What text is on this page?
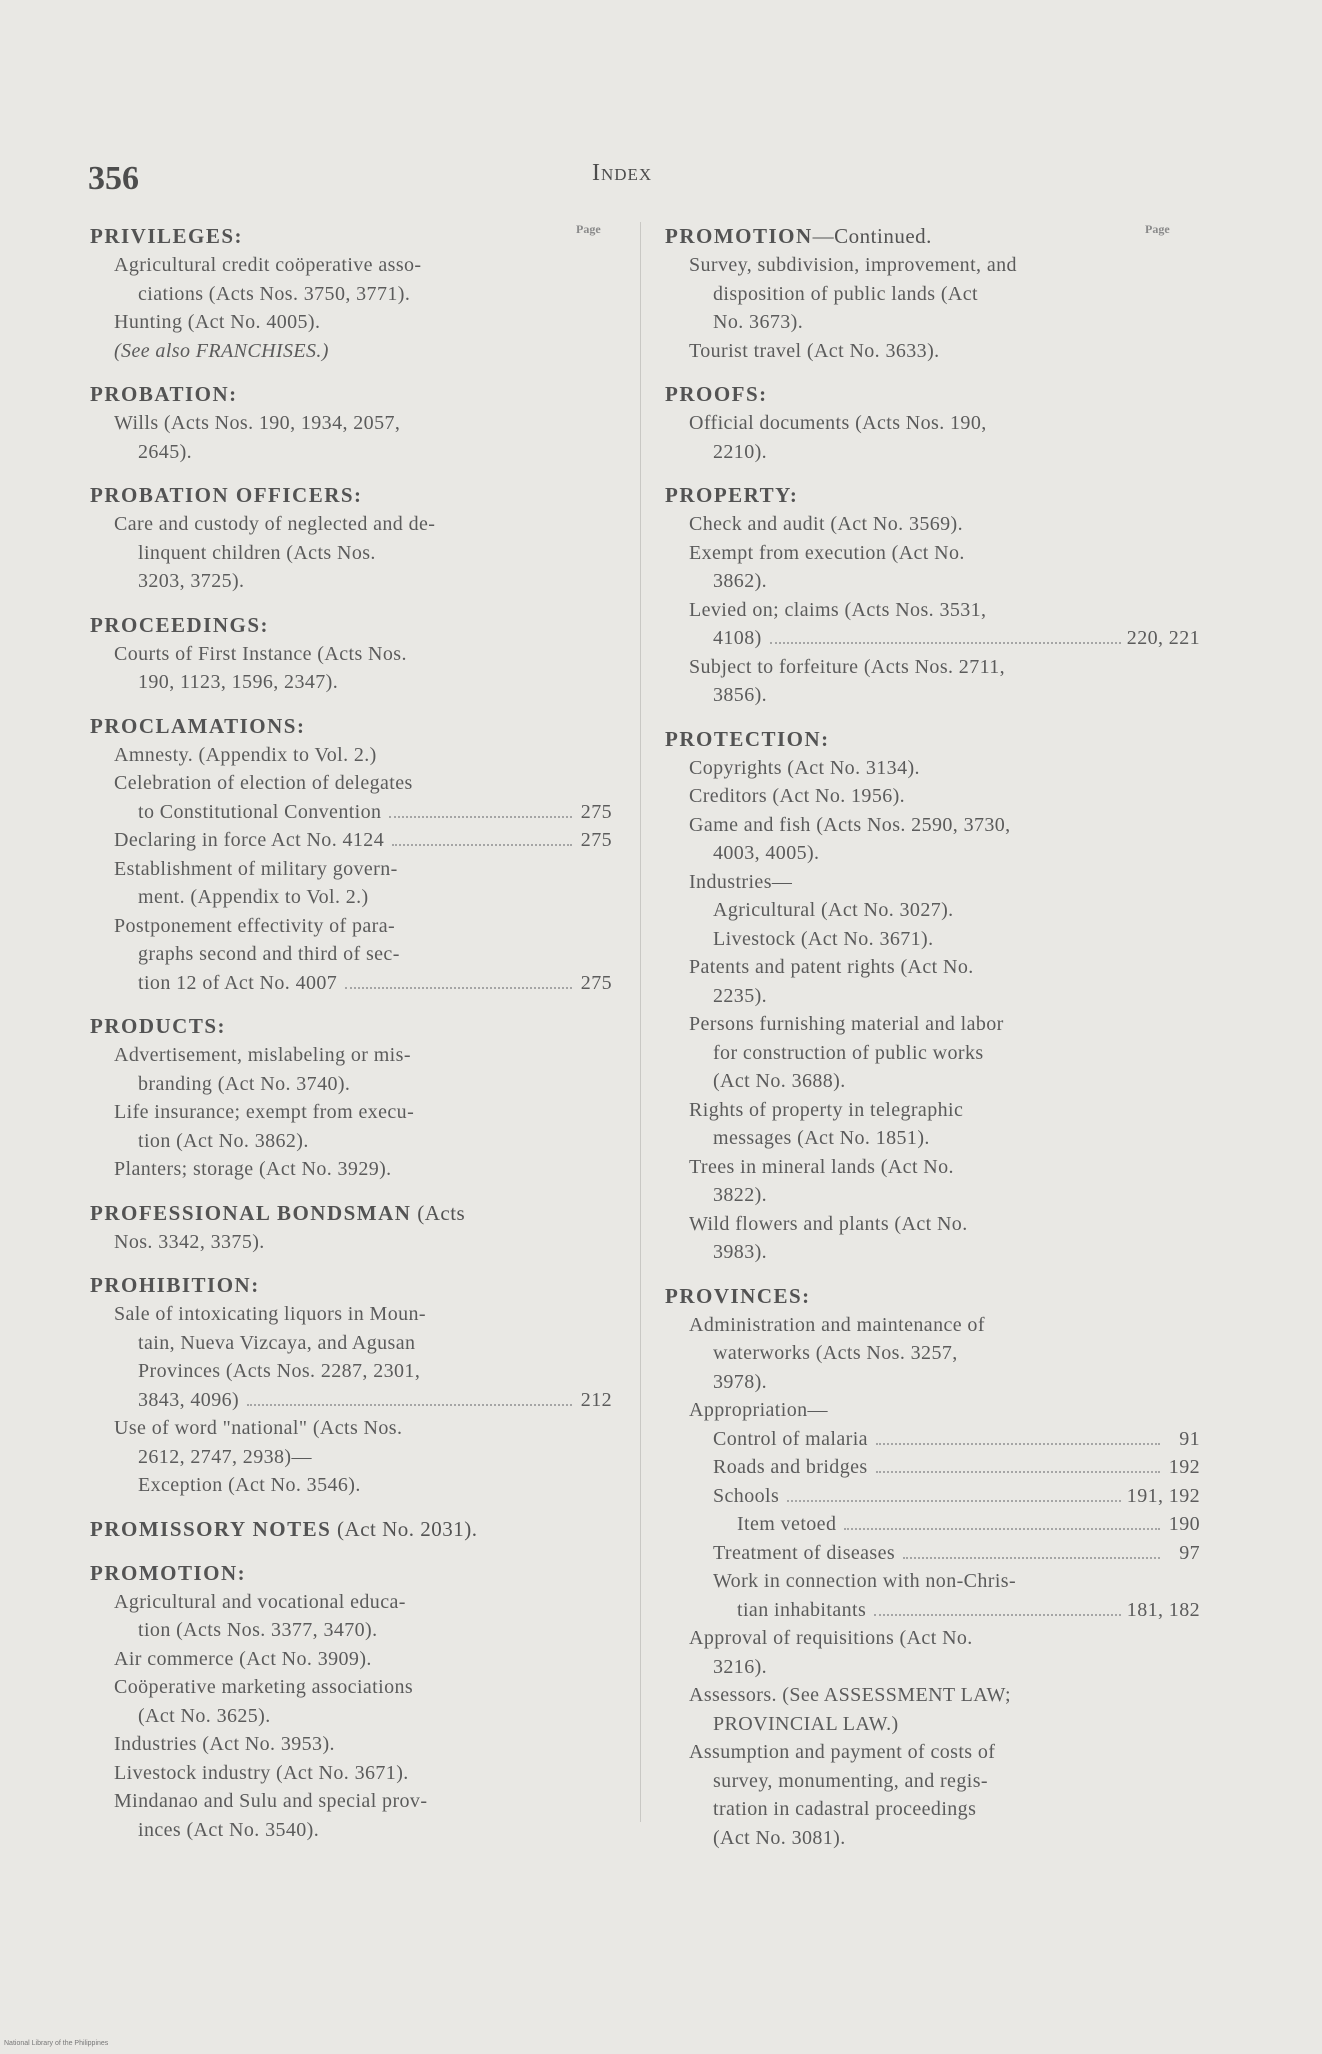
356	Index
Page
PRIVILEGES:
Agricultural credit coöperative asso-
ciations (Acts Nos. 3750, 3771).
Hunting (Act No. 4005).
(See also FRANCHISES.)
PROBATION:
Wills (Acts Nos. 190, 1934, 2057,
2645).
PROBATION OFFICERS:
Care and custody of neglected and de-
linquent children (Acts Nos.
3203, 3725).
PROCEEDINGS:
Courts of First Instance (Acts Nos.
190, 1123, 1596, 2347).
PROCLAMATIONS:
Amnesty. (Appendix to Vol. 2.)
Celebration of election of delegates
to Constitutional Convention	275
Declaring in force Act No. 4124	275
Establishment of military govern-
ment. (Appendix to Vol. 2.)
Postponement effectivity of para-
graphs second and third of sec-
tion 12 of Act No. 4007	275
PRODUCTS:
Advertisement, mislabeling or mis-
branding (Act No. 3740).
Life insurance; exempt from execu-
tion (Act No. 3862).
Planters; storage (Act No. 3929).
PROFESSIONAL BONDSMAN (Acts
Nos. 3342, 3375).
PROHIBITION:
Sale of intoxicating liquors in Moun-
tain, Nueva Vizcaya, and Agusan
Provinces (Acts Nos. 2287, 2301,
3843, 4096)	212
Use of word "national" (Acts Nos.
2612, 2747, 2938)—
Exception (Act No. 3546).
PROMISSORY NOTES (Act No. 2031).
PROMOTION:
Agricultural and vocational educa-
tion (Acts Nos. 3377, 3470).
Air commerce (Act No. 3909).
Coöperative marketing associations
(Act No. 3625).
Industries (Act No. 3953).
Livestock industry (Act No. 3671).
Mindanao and Sulu and special prov-
inces (Act No. 3540).
Page
PROMOTION—Continued.
Survey, subdivision, improvement, and
disposition of public lands (Act
No. 3673).
Tourist travel (Act No. 3633).
PROOFS:
Official documents (Acts Nos. 190,
2210).
PROPERTY:
Check and audit (Act No. 3569).
Exempt from execution (Act No.
3862).
Levied on; claims (Acts Nos. 3531,
4108)	220, 221
Subject to forfeiture (Acts Nos. 2711,
3856).
PROTECTION:
Copyrights (Act No. 3134).
Creditors (Act No. 1956).
Game and fish (Acts Nos. 2590, 3730,
4003, 4005).
Industries—
Agricultural (Act No. 3027).
Livestock (Act No. 3671).
Patents and patent rights (Act No.
2235).
Persons furnishing material and labor
for construction of public works
(Act No. 3688).
Rights of property in telegraphic
messages (Act No. 1851).
Trees in mineral lands (Act No.
3822).
Wild flowers and plants (Act No.
3983).
PROVINCES:
Administration and maintenance of
waterworks (Acts Nos. 3257,
3978).
Appropriation—
Control of malaria	91
Roads and bridges	192
Schools	191, 192
Item vetoed	190
Treatment of diseases	97
Work in connection with non-Chris-
tian inhabitants	181, 182
Approval of requisitions (Act No.
3216).
Assessors. (See ASSESSMENT LAW;
PROVINCIAL LAW.)
Assumption and payment of costs of
survey, monumenting, and regis-
tration in cadastral proceedings
(Act No. 3081).
National Library of the Philippines
